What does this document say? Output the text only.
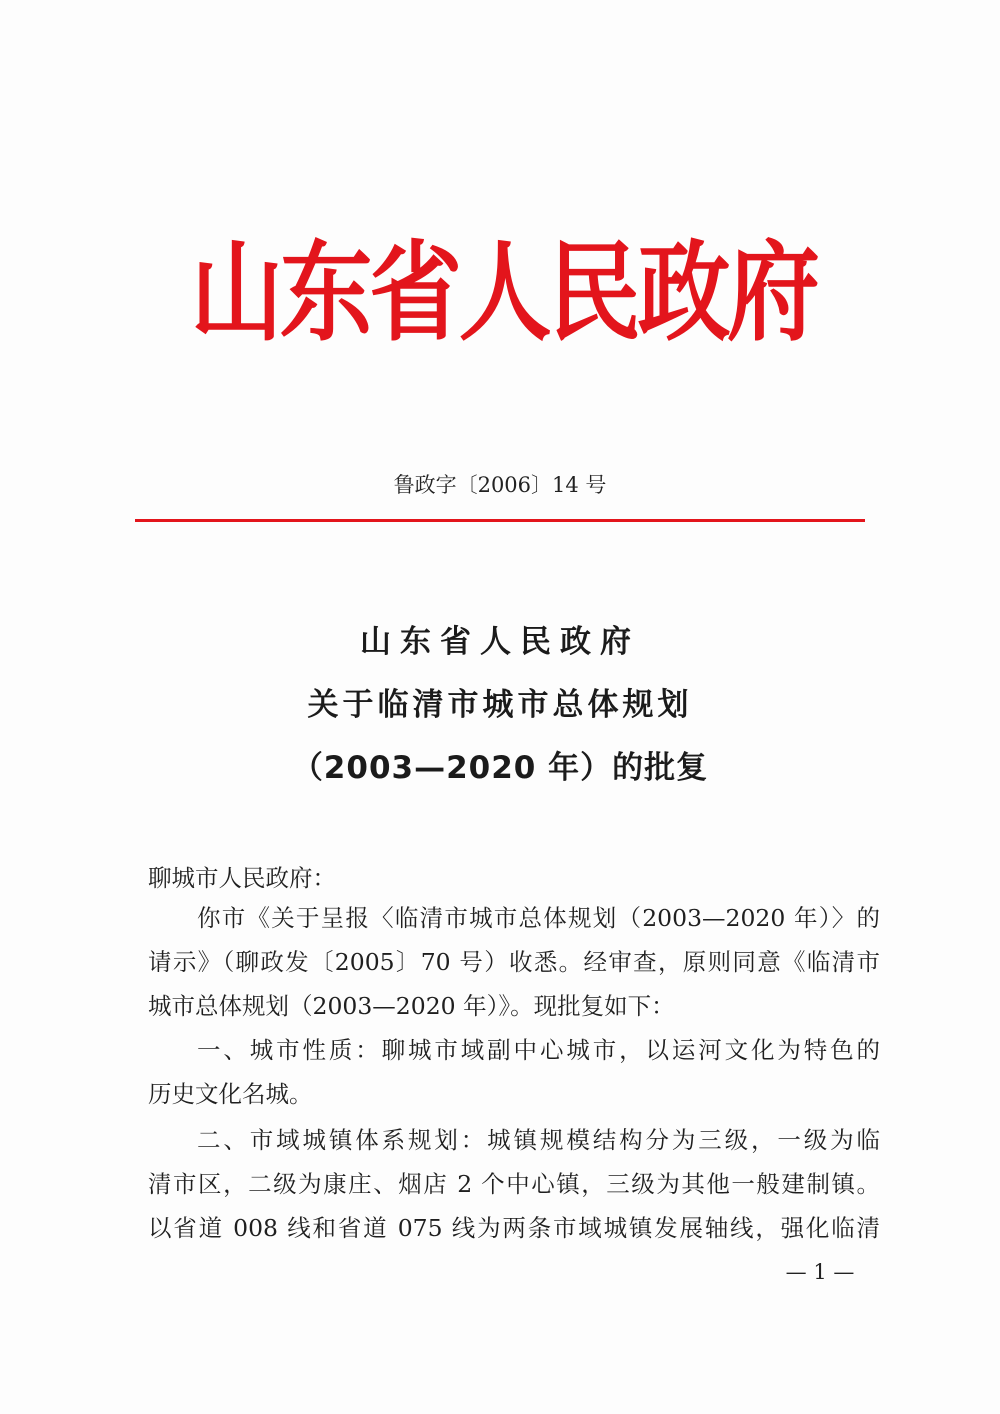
山东省人民政府
鲁政字〔2006〕14 号
山东省人民政府
关于临清市城市总体规划
（2003—2020 年）的批复
聊城市人民政府：
你市《关于呈报〈临清市城市总体规划（2003—2020 年）〉的
请示》（聊政发〔2005〕70 号）收悉。经审查，原则同意《临清市
城市总体规划（2003—2020 年）》。现批复如下：
一、城市性质：聊城市域副中心城市，以运河文化为特色的
历史文化名城。
二、市域城镇体系规划：城镇规模结构分为三级，一级为临
清市区，二级为康庄、烟店 2 个中心镇，三级为其他一般建制镇。
以省道 008 线和省道 075 线为两条市域城镇发展轴线，强化临清
— 1 —
